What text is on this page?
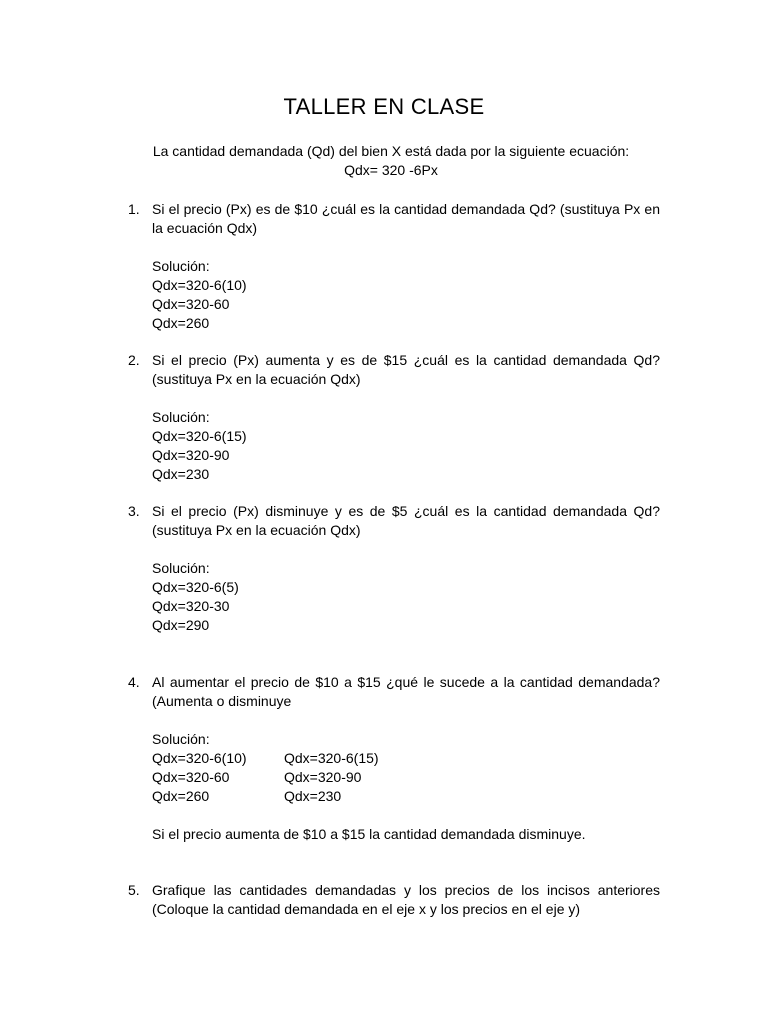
TALLER EN CLASE
La cantidad demandada (Qd) del bien X está dada por la siguiente ecuación:
Qdx= 320 -6Px
1. Si el precio (Px) es de $10 ¿cuál es la cantidad demandada Qd? (sustituya Px en la ecuación Qdx)
Solución:
Qdx=320-6(10)
Qdx=320-60
Qdx=260
2. Si el precio (Px) aumenta y es de $15 ¿cuál es la cantidad demandada Qd? (sustituya Px en la ecuación Qdx)
Solución:
Qdx=320-6(15)
Qdx=320-90
Qdx=230
3. Si el precio (Px) disminuye y es de $5 ¿cuál es la cantidad demandada Qd? (sustituya Px en la ecuación Qdx)
Solución:
Qdx=320-6(5)
Qdx=320-30
Qdx=290
4. Al aumentar el precio de $10 a $15 ¿qué le sucede a la cantidad demandada? (Aumenta o disminuye
Solución:
Qdx=320-6(10)
Qdx=320-60
Qdx=260
Qdx=320-6(15)
Qdx=320-90
Qdx=230
Si el precio aumenta de $10 a $15 la cantidad demandada disminuye.
5. Grafique las cantidades demandadas y los precios de los incisos anteriores (Coloque la cantidad demandada en el eje x y los precios en el eje y)
